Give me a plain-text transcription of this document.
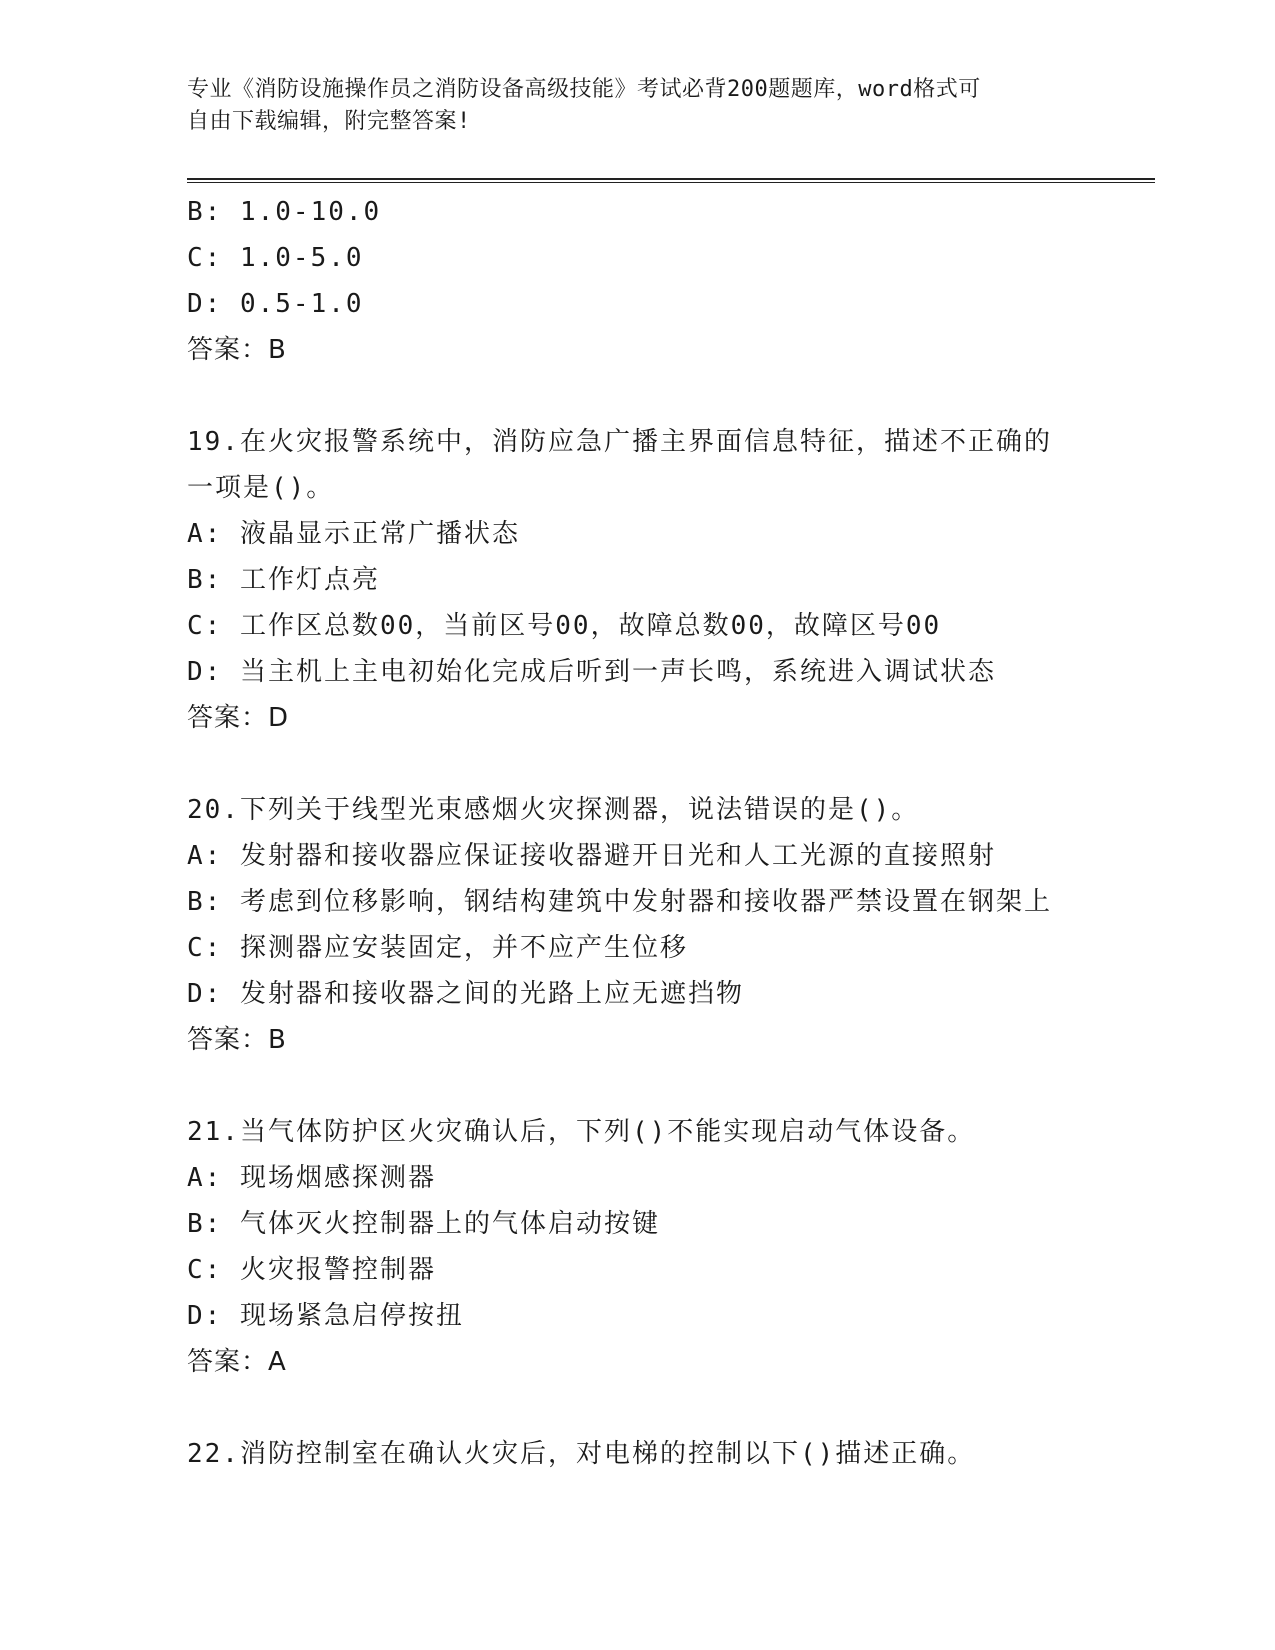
专业《消防设施操作员之消防设备高级技能》考试必背200题题库，word格式可
自由下载编辑，附完整答案!
B: 1.0-10.0
C: 1.0-5.0
D: 0.5-1.0
答案：B
19.在火灾报警系统中，消防应急广播主界面信息特征，描述不正确的
一项是()。
A: 液晶显示正常广播状态
B: 工作灯点亮
C: 工作区总数00，当前区号00，故障总数00，故障区号00
D: 当主机上主电初始化完成后听到一声长鸣，系统进入调试状态
答案：D
20.下列关于线型光束感烟火灾探测器，说法错误的是()。
A: 发射器和接收器应保证接收器避开日光和人工光源的直接照射
B: 考虑到位移影响，钢结构建筑中发射器和接收器严禁设置在钢架上
C: 探测器应安装固定，并不应产生位移
D: 发射器和接收器之间的光路上应无遮挡物
答案：B
21.当气体防护区火灾确认后，下列()不能实现启动气体设备。
A: 现场烟感探测器
B: 气体灭火控制器上的气体启动按键
C: 火灾报警控制器
D: 现场紧急启停按扭
答案：A
22.消防控制室在确认火灾后，对电梯的控制以下()描述正确。
